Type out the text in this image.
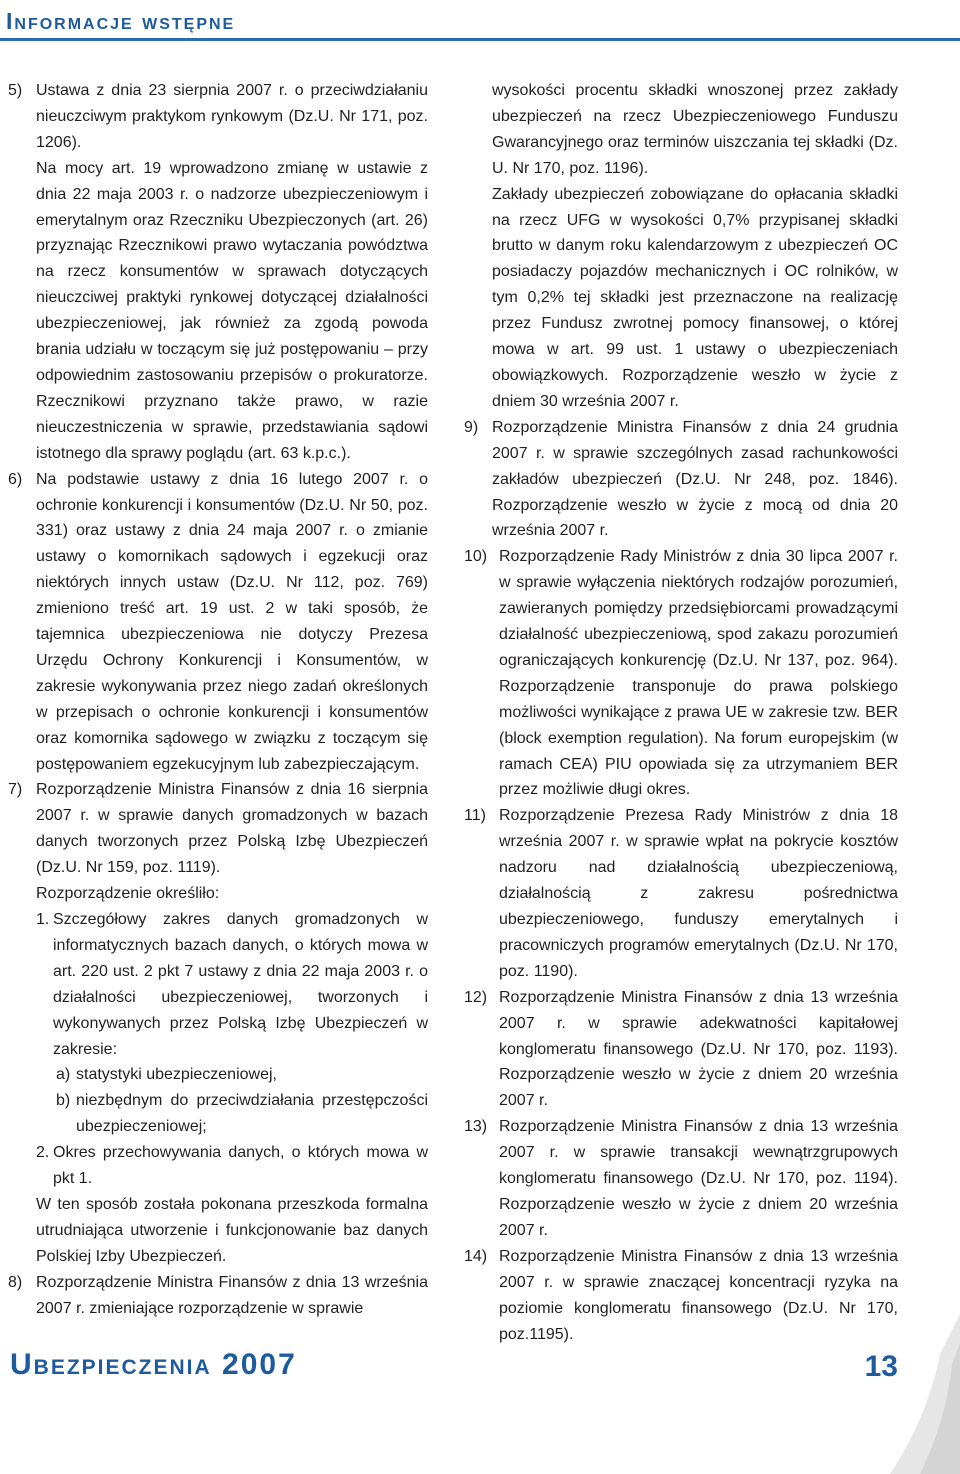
Informacje wstępne

5) Ustawa z dnia 23 sierpnia 2007 r. o przeciwdziałaniu nieuczciwym praktykom rynkowym (Dz.U. Nr 171, poz. 1206).

Na mocy art. 19 wprowadzono zmianę w ustawie z dnia 22 maja 2003 r. o nadzorze ubezpieczeniowym i emerytalnym oraz Rzeczniku Ubezpieczonych (art. 26) przyznając Rzecznikowi prawo wytaczania powództwa na rzecz konsumentów w sprawach dotyczących nieuczciwej praktyki rynkowej dotyczącej działalności ubezpieczeniowej, jak również za zgodą powoda brania udziału w toczącym się już postępowaniu – przy odpowiednim zastosowaniu przepisów o prokuratorze. Rzecznikowi przyznano także prawo, w razie nieuczestniczenia w sprawie, przedstawiania sądowi istotnego dla sprawy poglądu (art. 63 k.p.c.).

6) Na podstawie ustawy z dnia 16 lutego 2007 r. o ochronie konkurencji i konsumentów (Dz.U. Nr 50, poz. 331) oraz ustawy z dnia 24 maja 2007 r. o zmianie ustawy o komornikach sądowych i egzekucji oraz niektórych innych ustaw (Dz.U. Nr 112, poz. 769) zmieniono treść art. 19 ust. 2 w taki sposób, że tajemnica ubezpieczeniowa nie dotyczy Prezesa Urzędu Ochrony Konkurencji i Konsumentów, w zakresie wykonywania przez niego zadań określonych w przepisach o ochronie konkurencji i konsumentów oraz komornika sądowego w związku z toczącym się postępowaniem egzekucyjnym lub zabezpieczającym.

7) Rozporządzenie Ministra Finansów z dnia 16 sierpnia 2007 r. w sprawie danych gromadzonych w bazach danych tworzonych przez Polską Izbę Ubezpieczeń (Dz.U. Nr 159, poz. 1119).

Rozporządzenie określiło:

1. Szczegółowy zakres danych gromadzonych w informatycznych bazach danych, o których mowa w art. 220 ust. 2 pkt 7 ustawy z dnia 22 maja 2003 r. o działalności ubezpieczeniowej, tworzonych i wykonywanych przez Polską Izbę Ubezpieczeń w zakresie:

a) statystyki ubezpieczeniowej,

b) niezbędnym do przeciwdziałania przestępczości ubezpieczeniowej;

2. Okres przechowywania danych, o których mowa w pkt 1.

W ten sposób została pokonana przeszkoda formalna utrudniająca utworzenie i funkcjonowanie baz danych Polskiej Izby Ubezpieczeń.

8) Rozporządzenie Ministra Finansów z dnia 13 września 2007 r. zmieniające rozporządzenie w sprawie

wysokości procentu składki wnoszonej przez zakłady ubezpieczeń na rzecz Ubezpieczeniowego Funduszu Gwarancyjnego oraz terminów uiszczania tej składki (Dz. U. Nr 170, poz. 1196).

Zakłady ubezpieczeń zobowiązane do opłacania składki na rzecz UFG w wysokości 0,7% przypisanej składki brutto w danym roku kalendarzowym z ubezpieczeń OC posiadaczy pojazdów mechanicznych i OC rolników, w tym 0,2% tej składki jest przeznaczone na realizację przez Fundusz zwrotnej pomocy finansowej, o której mowa w art. 99 ust. 1 ustawy o ubezpieczeniach obowiązkowych. Rozporządzenie weszło w życie z dniem 30 września 2007 r.

9) Rozporządzenie Ministra Finansów z dnia 24 grudnia 2007 r. w sprawie szczególnych zasad rachunkowości zakładów ubezpieczeń (Dz.U. Nr 248, poz. 1846). Rozporządzenie weszło w życie z mocą od dnia 20 września 2007 r.

10) Rozporządzenie Rady Ministrów z dnia 30 lipca 2007 r. w sprawie wyłączenia niektórych rodzajów porozumień, zawieranych pomiędzy przedsiębiorcami prowadzącymi działalność ubezpieczeniową, spod zakazu porozumień ograniczających konkurencję (Dz.U. Nr 137, poz. 964). Rozporządzenie transponuje do prawa polskiego możliwości wynikające z prawa UE w zakresie tzw. BER (block exemption regulation). Na forum europejskim (w ramach CEA) PIU opowiada się za utrzymaniem BER przez możliwie długi okres.

11) Rozporządzenie Prezesa Rady Ministrów z dnia 18 września 2007 r. w sprawie wpłat na pokrycie kosztów nadzoru nad działalnością ubezpieczeniową, działalnością z zakresu pośrednictwa ubezpieczeniowego, funduszy emerytalnych i pracowniczych programów emerytalnych (Dz.U. Nr 170, poz. 1190).

12) Rozporządzenie Ministra Finansów z dnia 13 września 2007 r. w sprawie adekwatności kapitałowej konglomeratu finansowego (Dz.U. Nr 170, poz. 1193). Rozporządzenie weszło w życie z dniem 20 września 2007 r.

13) Rozporządzenie Ministra Finansów z dnia 13 września 2007 r. w sprawie transakcji wewnątrzgrupowych konglomeratu finansowego (Dz.U. Nr 170, poz. 1194). Rozporządzenie weszło w życie z dniem 20 września 2007 r.

14) Rozporządzenie Ministra Finansów z dnia 13 września 2007 r. w sprawie znaczącej koncentracji ryzyka na poziomie konglomeratu finansowego (Dz.U. Nr 170, poz.1195).

Ubezpieczenia 2007	13
